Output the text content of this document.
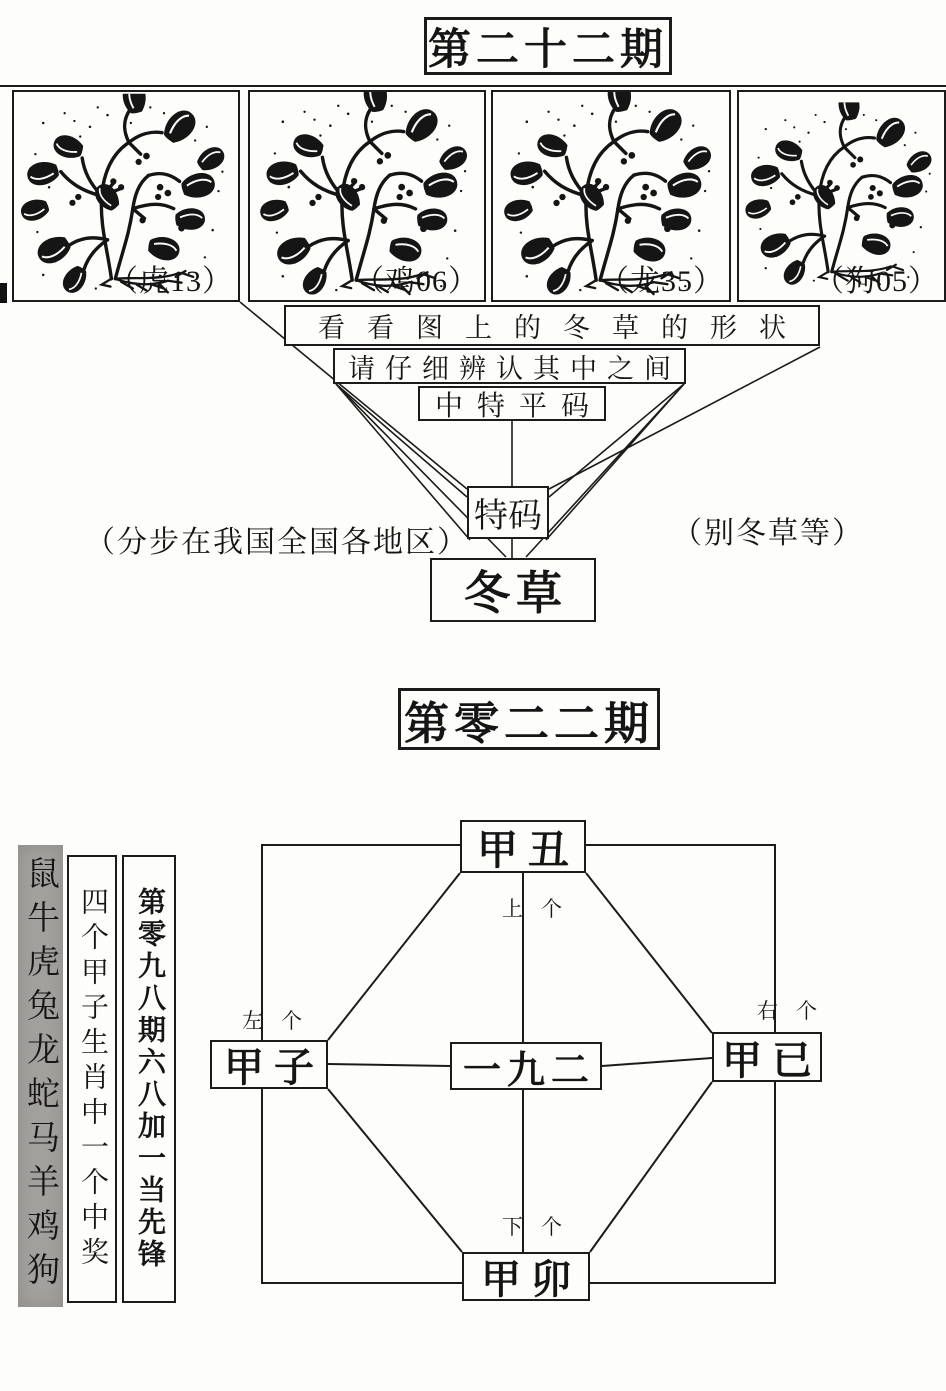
第二十二期
（虎13）	（鸡06）	（龙35）	（狗05）
看看图上的冬草的形状
请仔细辨认其中之间
中特平码
特码
冬草
（分步在我国全国各地区）	（别冬草等）
第零二二期
鼠牛虎兔龙蛇马羊鸡狗 四个甲子生肖中一个中奖 第零九八期六八加一当先锋
甲丑
甲子	一九二	甲已
甲卯
上个
左个	右个
下个
